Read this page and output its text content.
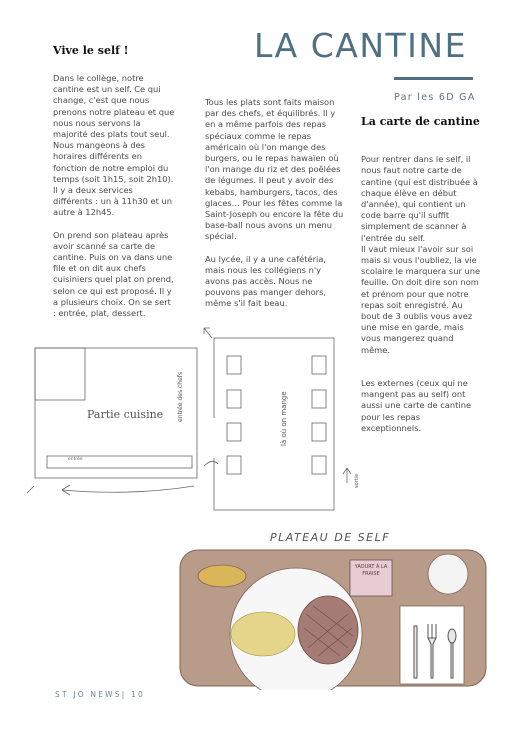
LA CANTINE
Par les 6D GA
Vive le self !

Dans le collège, notre cantine est un self. Ce qui change, c'est que nous prenons notre plateau et que nous nous servons la majorité des plats tout seul. Nous mangeons à des horaires différents en fonction de notre emploi du temps (soit 1h15, soit 2h10). Il y a deux services différents : un à 11h30 et un autre à 12h45.

On prend son plateau après avoir scanné sa carte de cantine. Puis on va dans une file et on dit aux chefs cuisiniers quel plat on prend, selon ce qui est proposé. Il y a plusieurs choix. On se sert : entrée, plat, dessert.

Tous les plats sont faits maison par des chefs, et équilibrés. Il y en a même parfois des repas spéciaux comme le repas américain où l'on mange des burgers, ou le repas hawaïen où l'on mange du riz et des poêlées de légumes. Il peut y avoir des kebabs, hamburgers, tacos, des glaces… Pour les fêtes comme la Saint-Joseph ou encore la fête du base-ball nous avons un menu spécial.

Au lycée, il y a une cafétéria, mais nous les collégiens n'y avons pas accès. Nous ne pouvons pas manger dehors, même s'il fait beau.

La carte de cantine

Pour rentrer dans le self, il nous faut notre carte de cantine (qui est distribuée à chaque élève en début d'année), qui contient un code barre qu'il suffit simplement de scanner à l'entrée du self.
Il vaut mieux l'avoir sur soi mais si vous l'oubliez, la vie scolaire le marquera sur une feuille. On doit dire son nom et prénom pour que notre repas soit enregistré. Au bout de 3 oublis vous avez une mise en garde, mais vous mangerez quand même.

Les externes (ceux qui ne mangent pas au self) ont aussi une carte de cantine pour les repas exceptionnels.

Partie cuisine
entrée
entrée des chefs	là où on mange
sortie
PLATEAU DE SELF
YAOURT À LA FRAISE
ST JO NEWS| 10
